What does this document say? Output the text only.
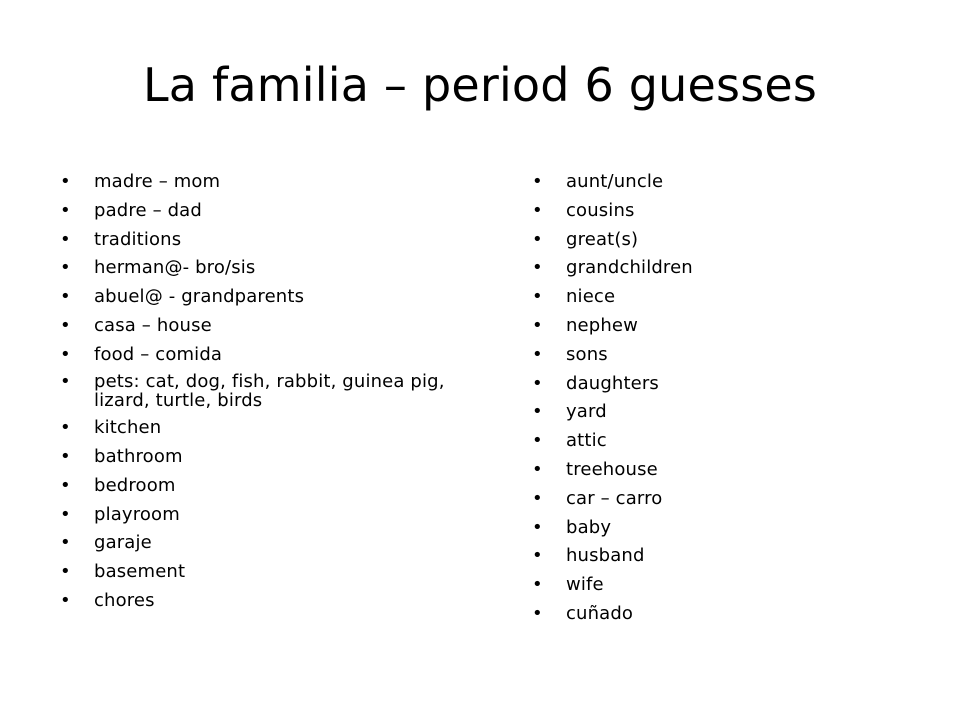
La familia – period 6 guesses
•	madre – mom
•	padre – dad
•	traditions
•	herman@- bro/sis
•	abuel@ - grandparents
•	casa – house
•	food – comida
•	pets: cat, dog, fish, rabbit, guinea pig, lizard, turtle, birds
•	kitchen
•	bathroom
•	bedroom
•	playroom
•	garaje
•	basement
•	chores
•	aunt/uncle
•	cousins
•	great(s)
•	grandchildren
•	niece
•	nephew
•	sons
•	daughters
•	yard
•	attic
•	treehouse
•	car – carro
•	baby
•	husband
•	wife
•	cuñado
